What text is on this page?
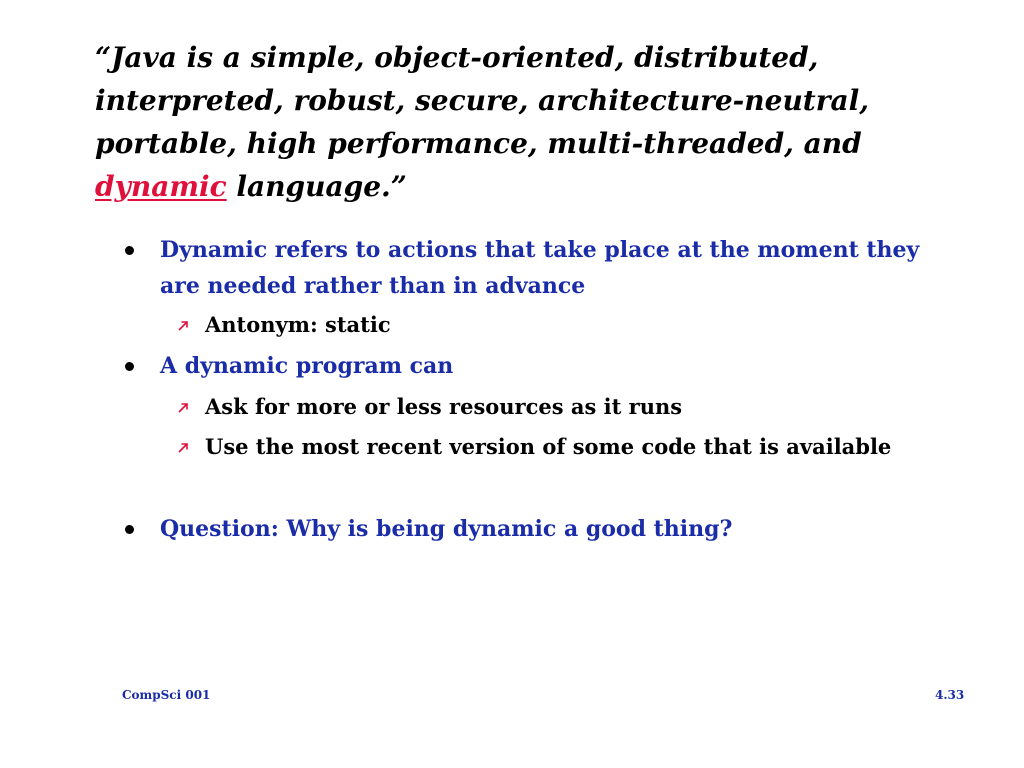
“Java is a simple, object-oriented, distributed,
interpreted, robust, secure, architecture-neutral,
portable, high performance, multi-threaded, and
dynamic language.”
Dynamic refers to actions that take place at the moment they are needed rather than in advance
Antonym: static
A dynamic program can
Ask for more or less resources as it runs
Use the most recent version of some code that is available
Question: Why is being dynamic a good thing?
CompSci 001	4.33
